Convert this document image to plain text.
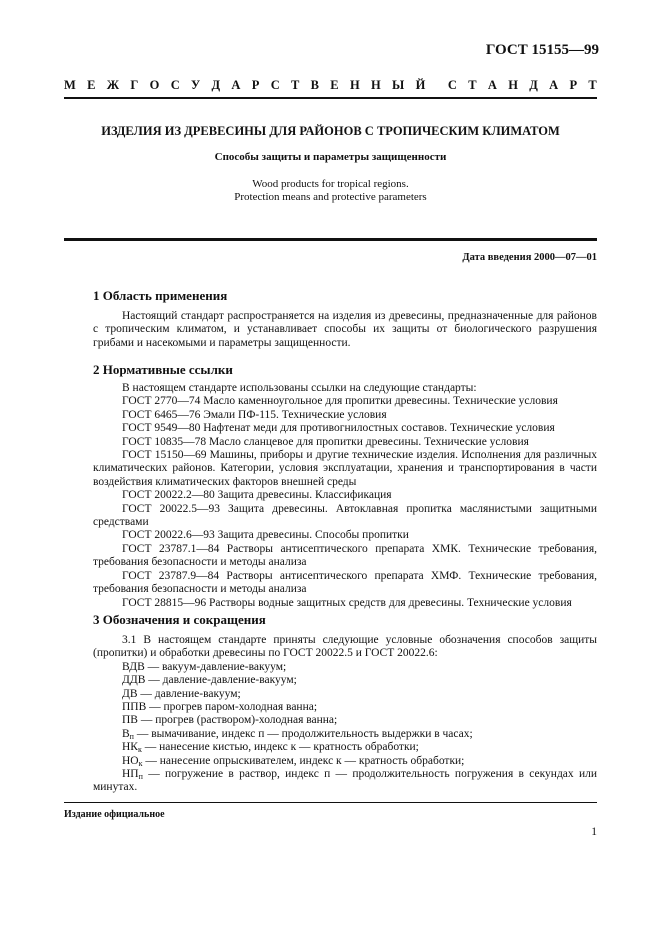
ГОСТ 15155—99
М Е Ж Г О С У Д А Р С Т В Е Н Н Ы Й С Т А Н Д А Р Т
ИЗДЕЛИЯ ИЗ ДРЕВЕСИНЫ ДЛЯ РАЙОНОВ С ТРОПИЧЕСКИМ КЛИМАТОМ
Способы защиты и параметры защищенности
Wood products for tropical regions.
Protection means and protective parameters
Дата введения 2000—07—01
1 Область применения
Настоящий стандарт распространяется на изделия из древесины, предназначенные для районов с тропическим климатом, и устанавливает способы их защиты от биологического разрушения грибами и насекомыми и параметры защищенности.
2 Нормативные ссылки
В настоящем стандарте использованы ссылки на следующие стандарты:
ГОСТ 2770—74 Масло каменноугольное для пропитки древесины. Технические условия
ГОСТ 6465—76 Эмали ПФ-115. Технические условия
ГОСТ 9549—80 Нафтенат меди для противогнилостных составов. Технические условия
ГОСТ 10835—78 Масло сланцевое для пропитки древесины. Технические условия
ГОСТ 15150—69 Машины, приборы и другие технические изделия. Исполнения для различных климатических районов. Категории, условия эксплуатации, хранения и транспортирования в части воздействия климатических факторов внешней среды
ГОСТ 20022.2—80 Защита древесины. Классификация
ГОСТ 20022.5—93 Защита древесины. Автоклавная пропитка маслянистыми защитными средствами
ГОСТ 20022.6—93 Защита древесины. Способы пропитки
ГОСТ 23787.1—84 Растворы антисептического препарата ХМК. Технические требования, требования безопасности и методы анализа
ГОСТ 23787.9—84 Растворы антисептического препарата ХМФ. Технические требования, требования безопасности и методы анализа
ГОСТ 28815—96 Растворы водные защитных средств для древесины. Технические условия
3 Обозначения и сокращения
3.1 В настоящем стандарте приняты следующие условные обозначения способов защиты (пропитки) и обработки древесины по ГОСТ 20022.5 и ГОСТ 20022.6:
ВДВ — вакуум-давление-вакуум;
ДДВ — давление-давление-вакуум;
ДВ — давление-вакуум;
ППВ — прогрев паром-холодная ванна;
ПВ — прогрев (раствором)-холодная ванна;
$В_п$ — вымачивание, индекс п — продолжительность выдержки в часах;
$НК_к$ — нанесение кистью, индекс к — кратность обработки;
$НО_к$ — нанесение опрыскивателем, индекс к — кратность обработки;
$НП_п$ — погружение в раствор, индекс п — продолжительность погружения в секундах или минутах.
Издание официальное
1
